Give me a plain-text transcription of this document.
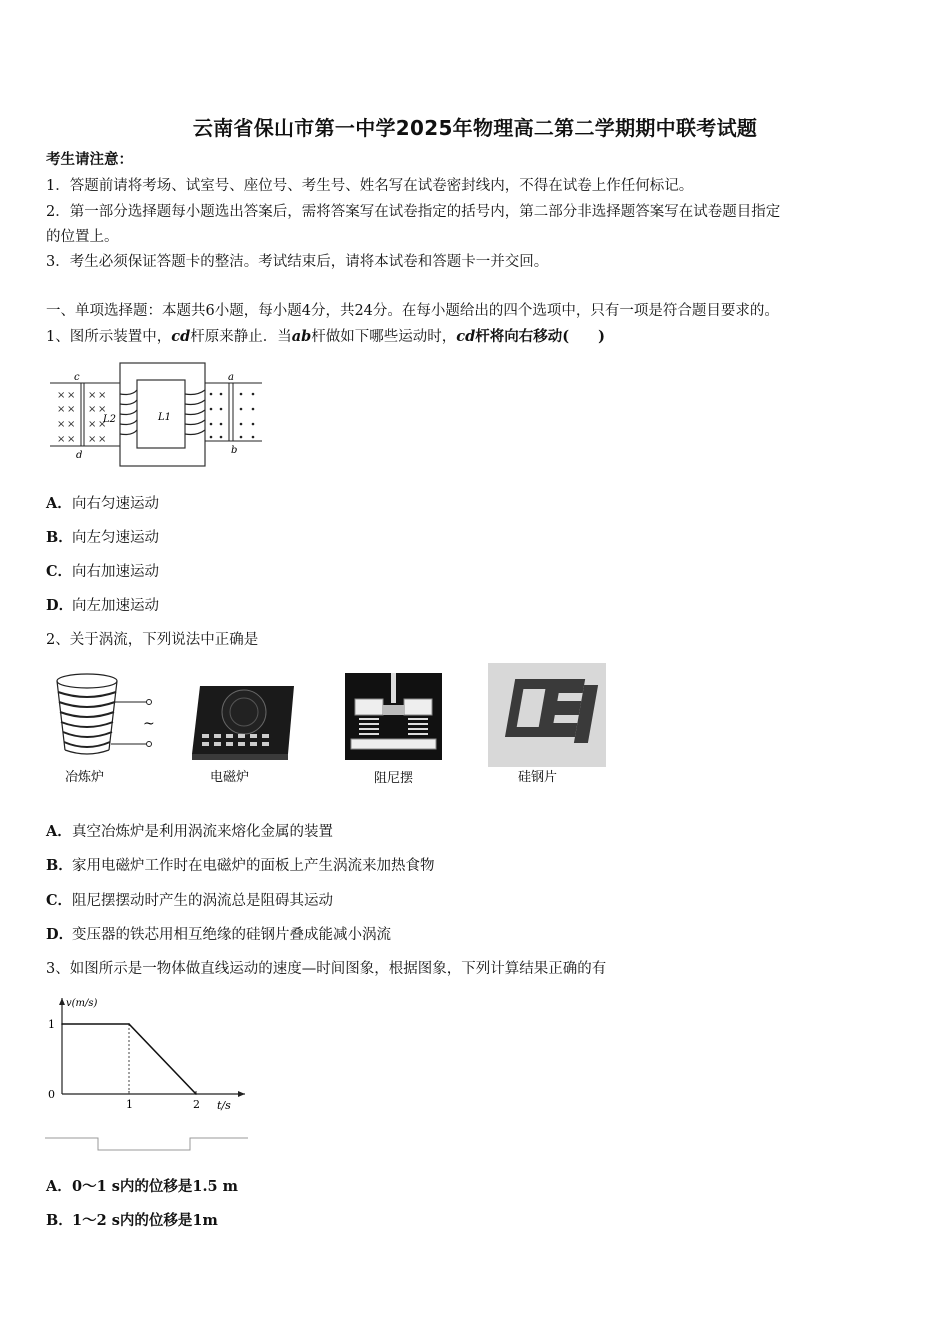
云南省保山市第一中学2025年物理高二第二学期期中联考试题
考生请注意：
1．答题前请将考场、试室号、座位号、考生号、姓名写在试卷密封线内，不得在试卷上作任何标记。
2．第一部分选择题每小题选出答案后，需将答案写在试卷指定的括号内，第二部分非选择题答案写在试卷题目指定
的位置上。
3．考生必须保证答题卡的整洁。考试结束后，请将本试卷和答题卡一并交回。
一、单项选择题：本题共6小题，每小题4分，共24分。在每小题给出的四个选项中，只有一项是符合题目要求的。
1、图所示装置中，cd杆原来静止．当ab杆做如下哪些运动时，cd杆将向右移动(　　)
× × × ×
× × × ×
× × × ×
× × × ×
c
d
L2	L1
a
b
A．向右匀速运动
B．向左匀速运动
C．向右加速运动
D．向左加速运动
2、关于涡流，下列说法中正确是
~
冶炼炉	电磁炉	阻尼摆	硅钢片
A．真空冶炼炉是利用涡流来熔化金属的装置
B．家用电磁炉工作时在电磁炉的面板上产生涡流来加热食物
C．阻尼摆摆动时产生的涡流总是阻碍其运动
D．变压器的铁芯用相互绝缘的硅钢片叠成能减小涡流
3、如图所示是一物体做直线运动的速度—时间图象，根据图象，下列计算结果正确的有
v(m/s)
t/s
0
1
1	2
A．0～1 s内的位移是1.5 m
B．1～2 s内的位移是1m
